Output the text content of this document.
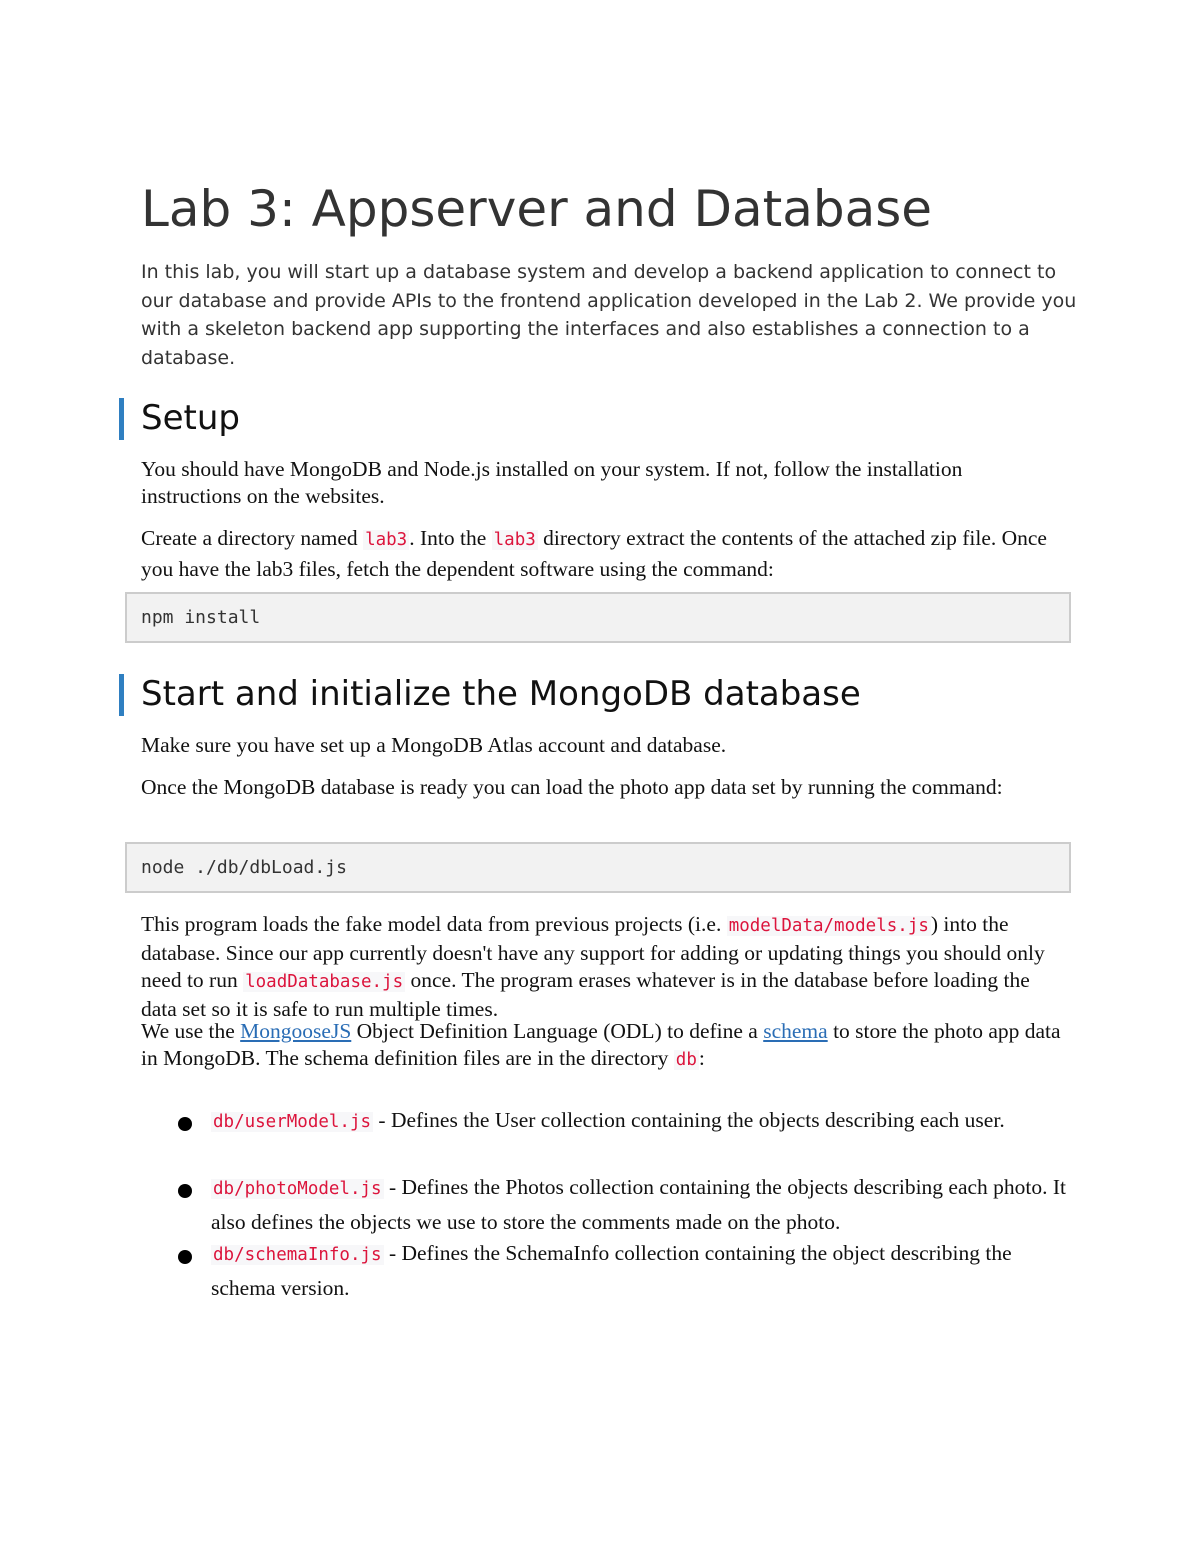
Lab 3: Appserver and Database
In this lab, you will start up a database system and develop a backend application to connect to our database and provide APIs to the frontend application developed in the Lab 2. We provide you with a skeleton backend app supporting the interfaces and also establishes a connection to a database.
Setup
You should have MongoDB and Node.js installed on your system. If not, follow the installation instructions on the websites.
Create a directory named lab3. Into the lab3 directory extract the contents of the attached zip file. Once you have the lab3 files, fetch the dependent software using the command:
npm install
Start and initialize the MongoDB database
Make sure you have set up a MongoDB Atlas account and database.
Once the MongoDB database is ready you can load the photo app data set by running the command:
node ./db/dbLoad.js
This program loads the fake model data from previous projects (i.e. modelData/models.js) into the database. Since our app currently doesn't have any support for adding or updating things you should only need to run loadDatabase.js once. The program erases whatever is in the database before loading the data set so it is safe to run multiple times.
We use the MongooseJS Object Definition Language (ODL) to define a schema to store the photo app data in MongoDB. The schema definition files are in the directory db:
db/userModel.js - Defines the User collection containing the objects describing each user.
db/photoModel.js - Defines the Photos collection containing the objects describing each photo. It also defines the objects we use to store the comments made on the photo.
db/schemaInfo.js - Defines the SchemaInfo collection containing the object describing the schema version.
